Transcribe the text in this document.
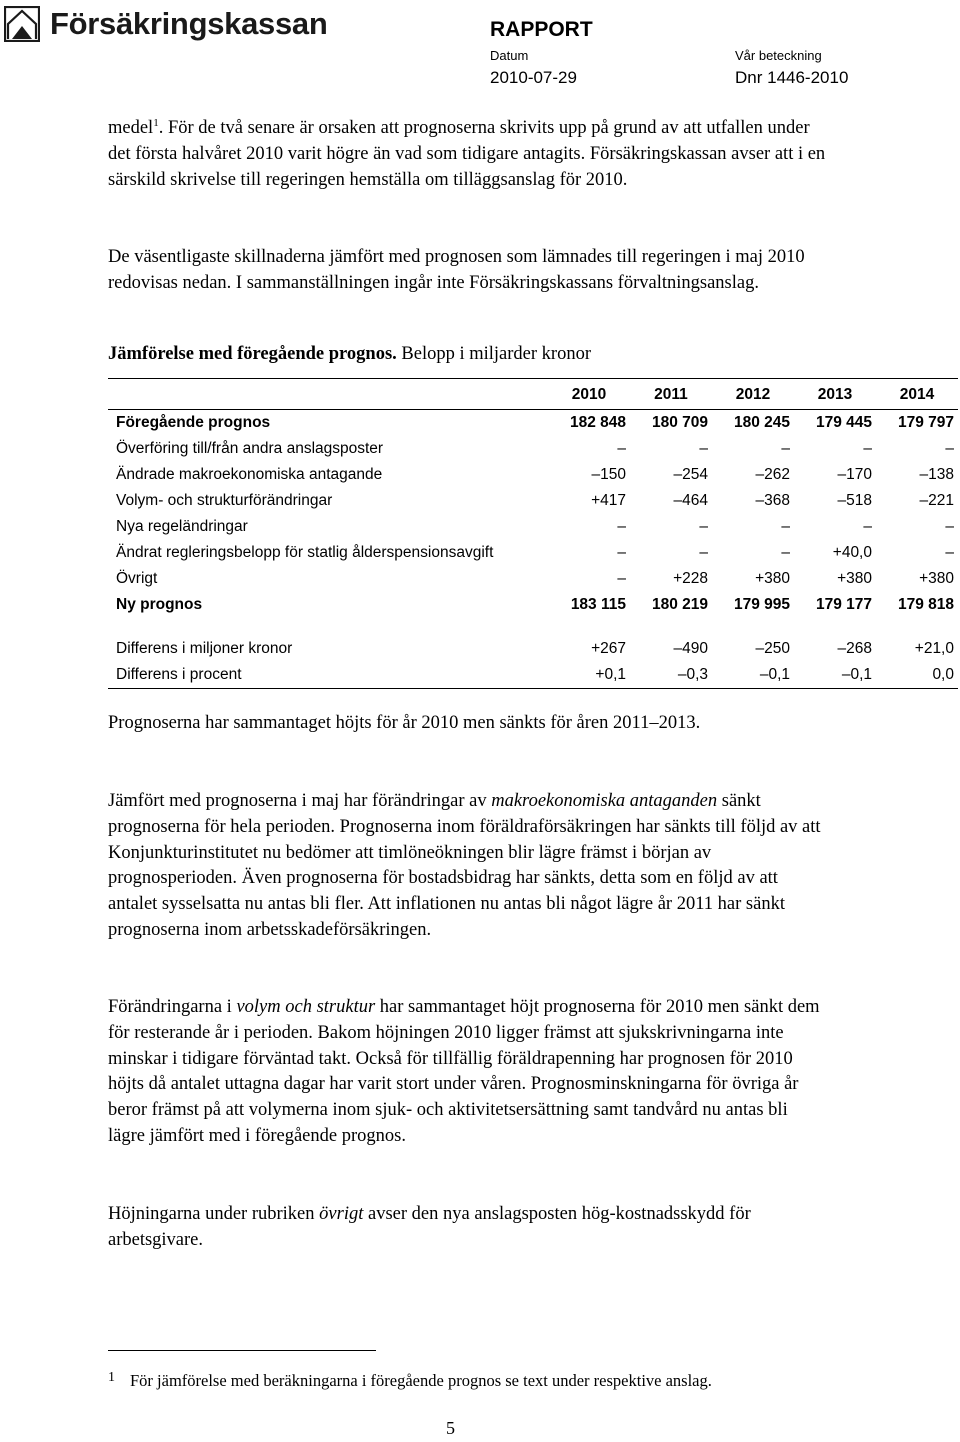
Försäkringskassan	RAPPORT
Datum
2010-07-29
Vår beteckning
Dnr 1446-2010

medel$^1$. För de två senare är orsaken att prognoserna skrivits upp på grund av att utfallen under det första halvåret 2010 varit högre än vad som tidigare antagits. Försäkringskassan avser att i en särskild skrivelse till regeringen hemställa om tilläggsanslag för 2010.

De väsentligaste skillnaderna jämfört med prognosen som lämnades till regeringen i maj 2010 redovisas nedan. I sammanställningen ingår inte Försäkringskassans förvaltningsanslag.

Jämförelse med föregående prognos. Belopp i miljarder kronor

	2010	2011	2012	2013	2014
Föregående prognos	182 848	180 709	180 245	179 445	179 797
Överföring till/från andra anslagsposter	–	–	–	–	–
Ändrade makroekonomiska antagande	–150	–254	–262	–170	–138
Volym- och strukturförändringar	+417	–464	–368	–518	–221
Nya regeländringar	–	–	–	–	–
Ändrat regleringsbelopp för statlig ålderspensionsavgift	–	–	–	+40,0	–
Övrigt	–	+228	+380	+380	+380
Ny prognos	183 115	180 219	179 995	179 177	179 818

Differens i miljoner kronor	+267	–490	–250	–268	+21,0
Differens i procent	+0,1	–0,3	–0,1	–0,1	0,0

Prognoserna har sammantaget höjts för år 2010 men sänkts för åren 2011–2013.

Jämfört med prognoserna i maj har förändringar av makroekonomiska antaganden sänkt prognoserna för hela perioden. Prognoserna inom föräldraförsäkringen har sänkts till följd av att Konjunkturinstitutet nu bedömer att timlöneökningen blir lägre främst i början av prognosperioden. Även prognoserna för bostadsbidrag har sänkts, detta som en följd av att antalet sysselsatta nu antas bli fler. Att inflationen nu antas bli något lägre år 2011 har sänkt prognoserna inom arbetsskadeförsäkringen.

Förändringarna i volym och struktur har sammantaget höjt prognoserna för 2010 men sänkt dem för resterande år i perioden. Bakom höjningen 2010 ligger främst att sjukskrivningarna inte minskar i tidigare förväntad takt. Också för tillfällig föräldrapenning har prognosen för 2010 höjts då antalet uttagna dagar har varit stort under våren. Prognosminskningarna för övriga år beror främst på att volymerna inom sjuk- och aktivitetsersättning samt tandvård nu antas bli lägre jämfört med i föregående prognos.

Höjningarna under rubriken övrigt avser den nya anslagsposten hög-kostnadsskydd för arbetsgivare.

1 För jämförelse med beräkningarna i föregående prognos se text under respektive anslag.
5
